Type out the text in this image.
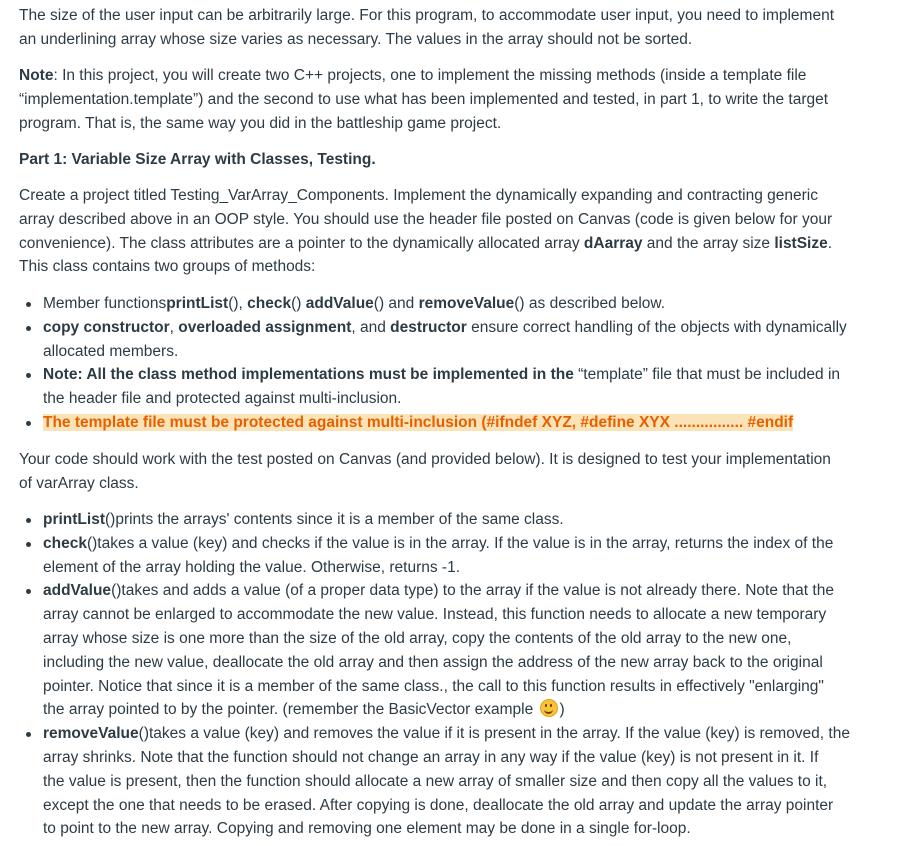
The size of the user input can be arbitrarily large. For this program, to accommodate user input, you need to implement

an underlining array whose size varies as necessary. The values in the array should not be sorted.

Note: In this project, you will create two C++ projects, one to implement the missing methods (inside a template file

“implementation.template”) and the second to use what has been implemented and tested, in part 1, to write the target

program. That is, the same way you did in the battleship game project.

Part 1: Variable Size Array with Classes, Testing.

Create a project titled Testing_VarArray_Components. Implement the dynamically expanding and contracting generic

array described above in an OOP style. You should use the header file posted on Canvas (code is given below for your

convenience). The class attributes are a pointer to the dynamically allocated array dAarray and the array size listSize.

This class contains two groups of methods:

Member functionsprintList(), check() addValue() and removeValue() as described below.
copy constructor, overloaded assignment, and destructor ensure correct handling of the objects with dynamically
allocated members.
Note: All the class method implementations must be implemented in the “template” file that must be included in
the header file and protected against multi-inclusion.
The template file must be protected against multi-inclusion (#ifndef XYZ, #define XYX ................ #endif

Your code should work with the test posted on Canvas (and provided below). It is designed to test your implementation

of varArray class.

printList()prints the arrays' contents since it is a member of the same class.
check()takes a value (key) and checks if the value is in the array. If the value is in the array, returns the index of the
element of the array holding the value. Otherwise, returns -1.
addValue()takes and adds a value (of a proper data type) to the array if the value is not already there. Note that the
array cannot be enlarged to accommodate the new value. Instead, this function needs to allocate a new temporary
array whose size is one more than the size of the old array, copy the contents of the old array to the new one,
including the new value, deallocate the old array and then assign the address of the new array back to the original
pointer. Notice that since it is a member of the same class., the call to this function results in effectively "enlarging"
the array pointed to by the pointer. (remember the BasicVector example
)
removeValue()takes a value (key) and removes the value if it is present in the array. If the value (key) is removed, the
array shrinks. Note that the function should not change an array in any way if the value (key) is not present in it. If
the value is present, then the function should allocate a new array of smaller size and then copy all the values to it,
except the one that needs to be erased. After copying is done, deallocate the old array and update the array pointer
to point to the new array. Copying and removing one element may be done in a single for-loop.
